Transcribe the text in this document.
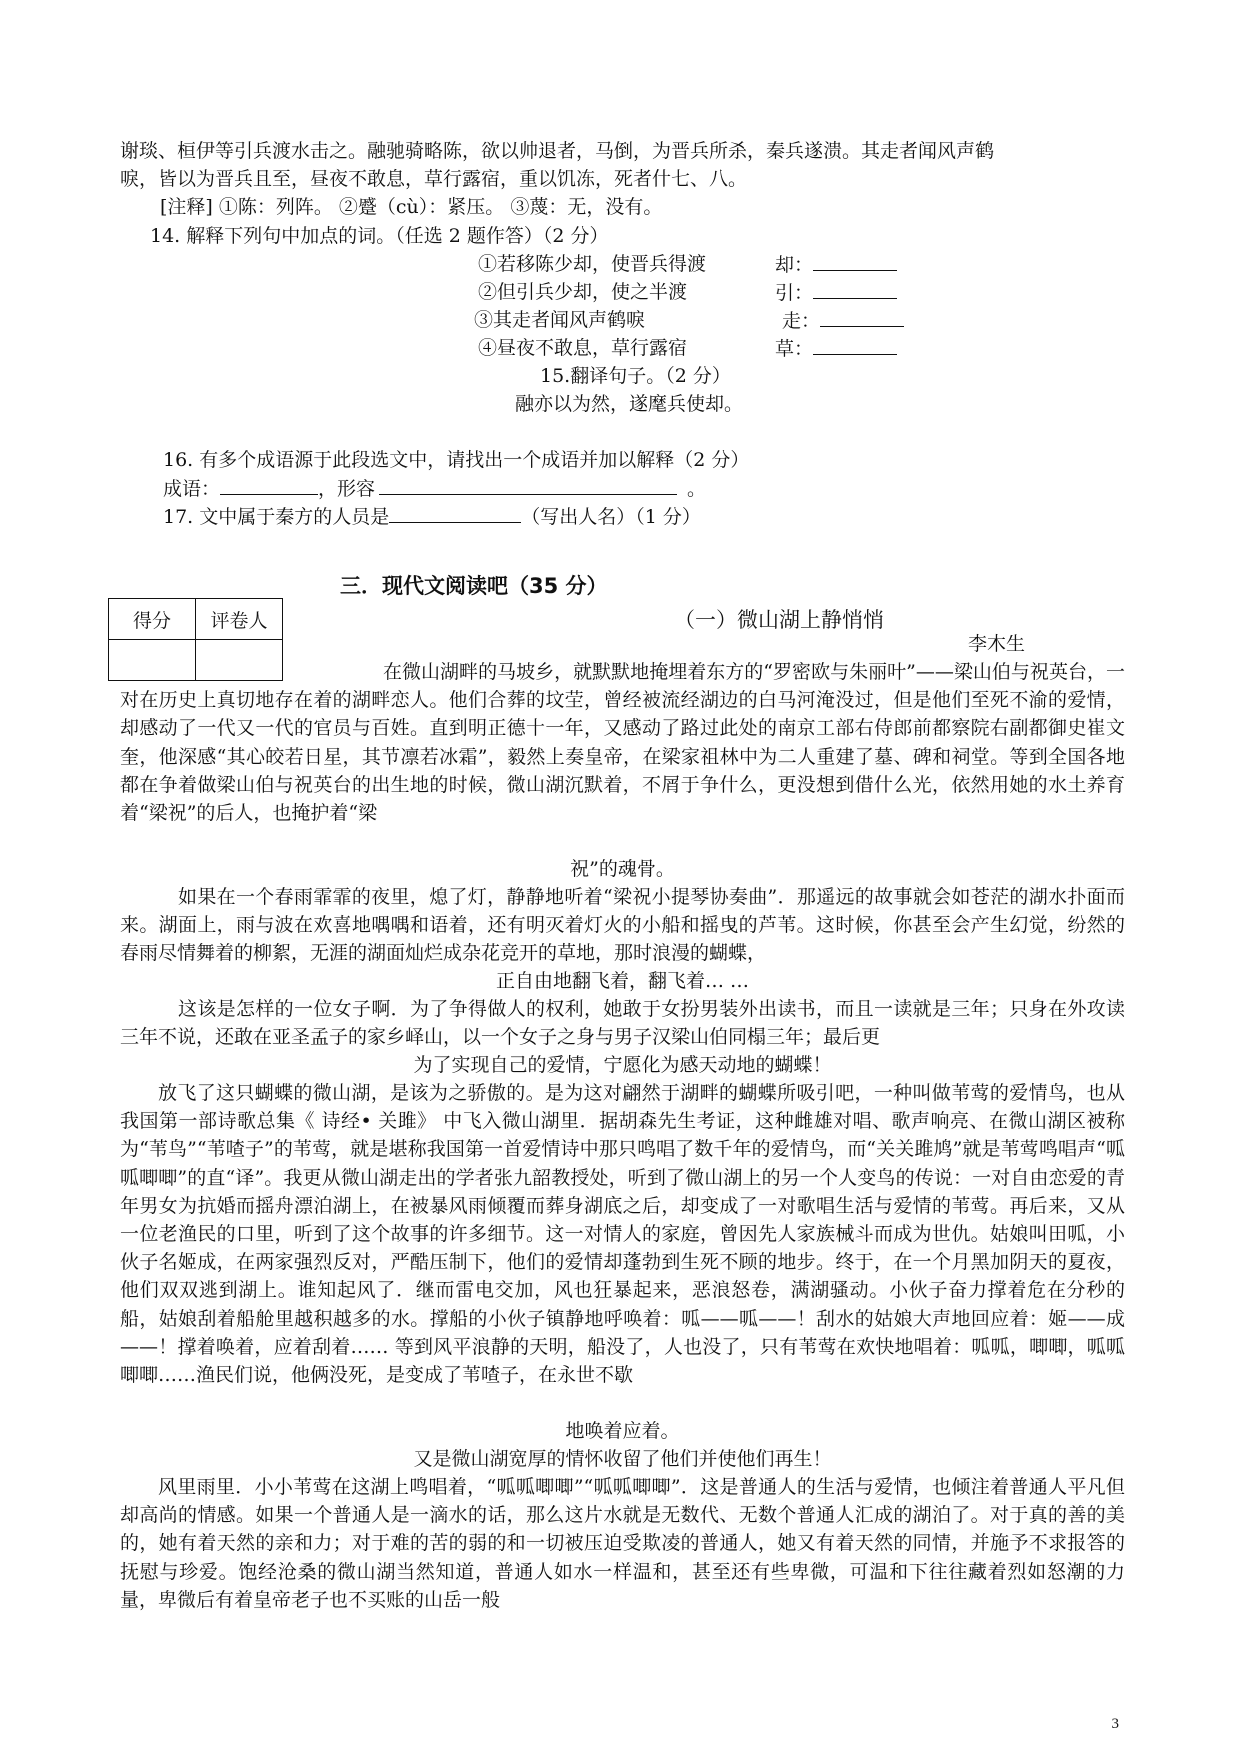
谢琰、桓伊等引兵渡水击之。融驰骑略陈，欲以帅退者，马倒，为晋兵所杀，秦兵遂溃。其走者闻风声鹤
唳，皆以为晋兵且至，昼夜不敢息，草行露宿，重以饥冻，死者什七、八。
[注释] ①陈：列阵。 ②蹙（cù）：紧压。 ③蔑：无，没有。
14. 解释下列句中加点的词。（任选 2 题作答）（2 分）
①若移陈少却，使晋兵得渡	却：
②但引兵少却，使之半渡	引：
③其走者闻风声鹤唳	走：
④昼夜不敢息，草行露宿	草：
15.翻译句子。（2 分）
融亦以为然，遂麾兵使却。
16. 有多个成语源于此段选文中，请找出一个成语并加以解释（2 分）
成语：	，形容	。
17. 文中属于秦方的人员是	（写出人名）（1 分）
三．现代文阅读吧（35 分）
得分	评卷人
		（一）微山湖上静悄悄
李木生
在微山湖畔的马坡乡，就默默地掩埋着东方的“罗密欧与朱丽叶”——梁山伯与祝英台，一对在历史上真切地存在着的湖畔恋人。他们合葬的坟茔，曾经被流经湖边的白马河淹没过，但是他们至死不渝的爱情，却感动了一代又一代的官员与百姓。直到明正德十一年，又感动了路过此处的南京工部右侍郎前都察院右副都御史崔文奎，他深感“其心皎若日星，其节凛若冰霜”，毅然上奏皇帝，在梁家祖林中为二人重建了墓、碑和祠堂。等到全国各地都在争着做梁山伯与祝英台的出生地的时候，微山湖沉默着，不屑于争什么，更没想到借什么光，依然用她的水土养育着“梁祝”的后人，也掩护着“梁
祝”的魂骨。
如果在一个春雨霏霏的夜里，熄了灯，静静地听着“梁祝小提琴协奏曲”．那遥远的故事就会如苍茫的湖水扑面而来。湖面上，雨与波在欢喜地喁喁和语着，还有明灭着灯火的小船和摇曳的芦苇。这时候，你甚至会产生幻觉，纷然的春雨尽情舞着的柳絮，无涯的湖面灿烂成杂花竞开的草地，那时浪漫的蝴蝶，
正自由地翻飞着，翻飞着… …
这该是怎样的一位女子啊．为了争得做人的权利，她敢于女扮男装外出读书，而且一读就是三年；只身在外攻读三年不说，还敢在亚圣孟子的家乡峄山，以一个女子之身与男子汉梁山伯同榻三年；最后更
为了实现自己的爱情，宁愿化为感天动地的蝴蝶！
放飞了这只蝴蝶的微山湖，是该为之骄傲的。是为这对翩然于湖畔的蝴蝶所吸引吧，一种叫做苇莺的爱情鸟，也从我国第一部诗歌总集《 诗经• 关雎》 中飞入微山湖里．据胡森先生考证，这种雌雄对唱、歌声响亮、在微山湖区被称为“苇鸟”“苇喳子”的苇莺，就是堪称我国第一首爱情诗中那只鸣唱了数千年的爱情鸟，而“关关雎鸠”就是苇莺鸣唱声“呱呱唧唧”的直“译”。我更从微山湖走出的学者张九韶教授处，听到了微山湖上的另一个人变鸟的传说：一对自由恋爱的青年男女为抗婚而摇舟漂泊湖上，在被暴风雨倾覆而葬身湖底之后，却变成了一对歌唱生活与爱情的苇莺。再后来，又从一位老渔民的口里，听到了这个故事的许多细节。这一对情人的家庭，曾因先人家族械斗而成为世仇。姑娘叫田呱，小伙子名姬成，在两家强烈反对，严酷压制下，他们的爱情却蓬勃到生死不顾的地步。终于，在一个月黑加阴天的夏夜，他们双双逃到湖上。谁知起风了．继而雷电交加，风也狂暴起来，恶浪怒卷，满湖骚动。小伙子奋力撑着危在分秒的船，姑娘刮着船舱里越积越多的水。撑船的小伙子镇静地呼唤着：呱——呱——！刮水的姑娘大声地回应着：姬——成——！撑着唤着，应着刮着…… 等到风平浪静的天明，船没了，人也没了，只有苇莺在欢快地唱着：呱呱，唧唧，呱呱唧唧……渔民们说，他俩没死，是变成了苇喳子，在永世不歇
地唤着应着。
又是微山湖宽厚的情怀收留了他们并使他们再生！
风里雨里．小小苇莺在这湖上鸣唱着，“呱呱唧唧”“呱呱唧唧”．这是普通人的生活与爱情，也倾注着普通人平凡但却高尚的情感。如果一个普通人是一滴水的话，那么这片水就是无数代、无数个普通人汇成的湖泊了。对于真的善的美的，她有着天然的亲和力；对于难的苦的弱的和一切被压迫受欺凌的普通人，她又有着天然的同情，并施予不求报答的抚慰与珍爱。饱经沧桑的微山湖当然知道，普通人如水一样温和，甚至还有些卑微，可温和下往往藏着烈如怒潮的力量，卑微后有着皇帝老子也不买账的山岳一般
3
